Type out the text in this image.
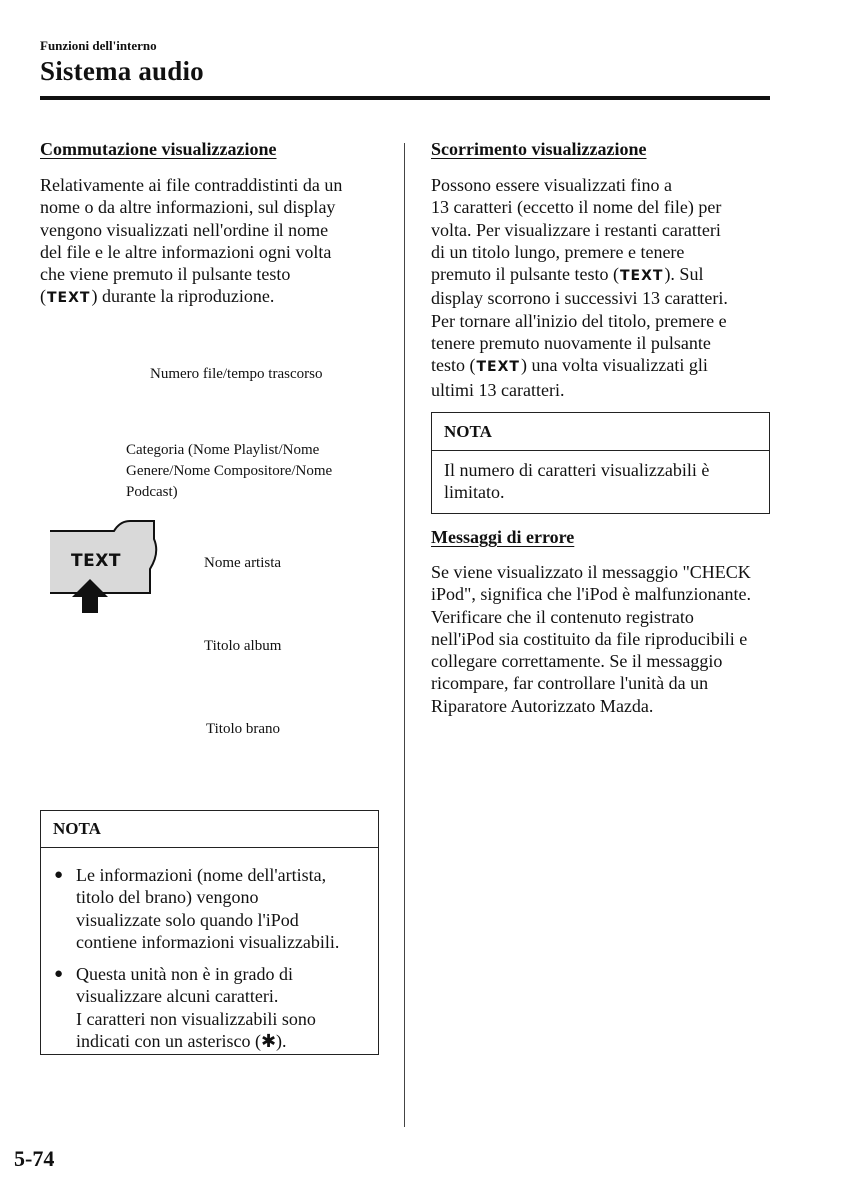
Funzioni dell'interno
Sistema audio
Commutazione visualizzazione
Relativamente ai file contraddistinti da un
nome o da altre informazioni, sul display
vengono visualizzati nell'ordine il nome
del file e le altre informazioni ogni volta
che viene premuto il pulsante testo
(TEXT) durante la riproduzione.
TEXT
Numero file/tempo trascorso
Categoria (Nome Playlist/Nome
Genere/Nome Compositore/Nome
Podcast)
Nome artista
Titolo album
Titolo brano
NOTA
● Le informazioni (nome dell'artista,
titolo del brano) vengono
visualizzate solo quando l'iPod
contiene informazioni visualizzabili.
● Questa unità non è in grado di
visualizzare alcuni caratteri.
I caratteri non visualizzabili sono
indicati con un asterisco (✱).
Scorrimento visualizzazione
Possono essere visualizzati fino a
13 caratteri (eccetto il nome del file) per
volta. Per visualizzare i restanti caratteri
di un titolo lungo, premere e tenere
premuto il pulsante testo (TEXT). Sul
display scorrono i successivi 13 caratteri.
Per tornare all'inizio del titolo, premere e
tenere premuto nuovamente il pulsante
testo (TEXT) una volta visualizzati gli
ultimi 13 caratteri.
NOTA
Il numero di caratteri visualizzabili è
limitato.
Messaggi di errore
Se viene visualizzato il messaggio "CHECK
iPod", significa che l'iPod è malfunzionante.
Verificare che il contenuto registrato
nell'iPod sia costituito da file riproducibili e
collegare correttamente. Se il messaggio
ricompare, far controllare l'unità da un
Riparatore Autorizzato Mazda.
5-74
